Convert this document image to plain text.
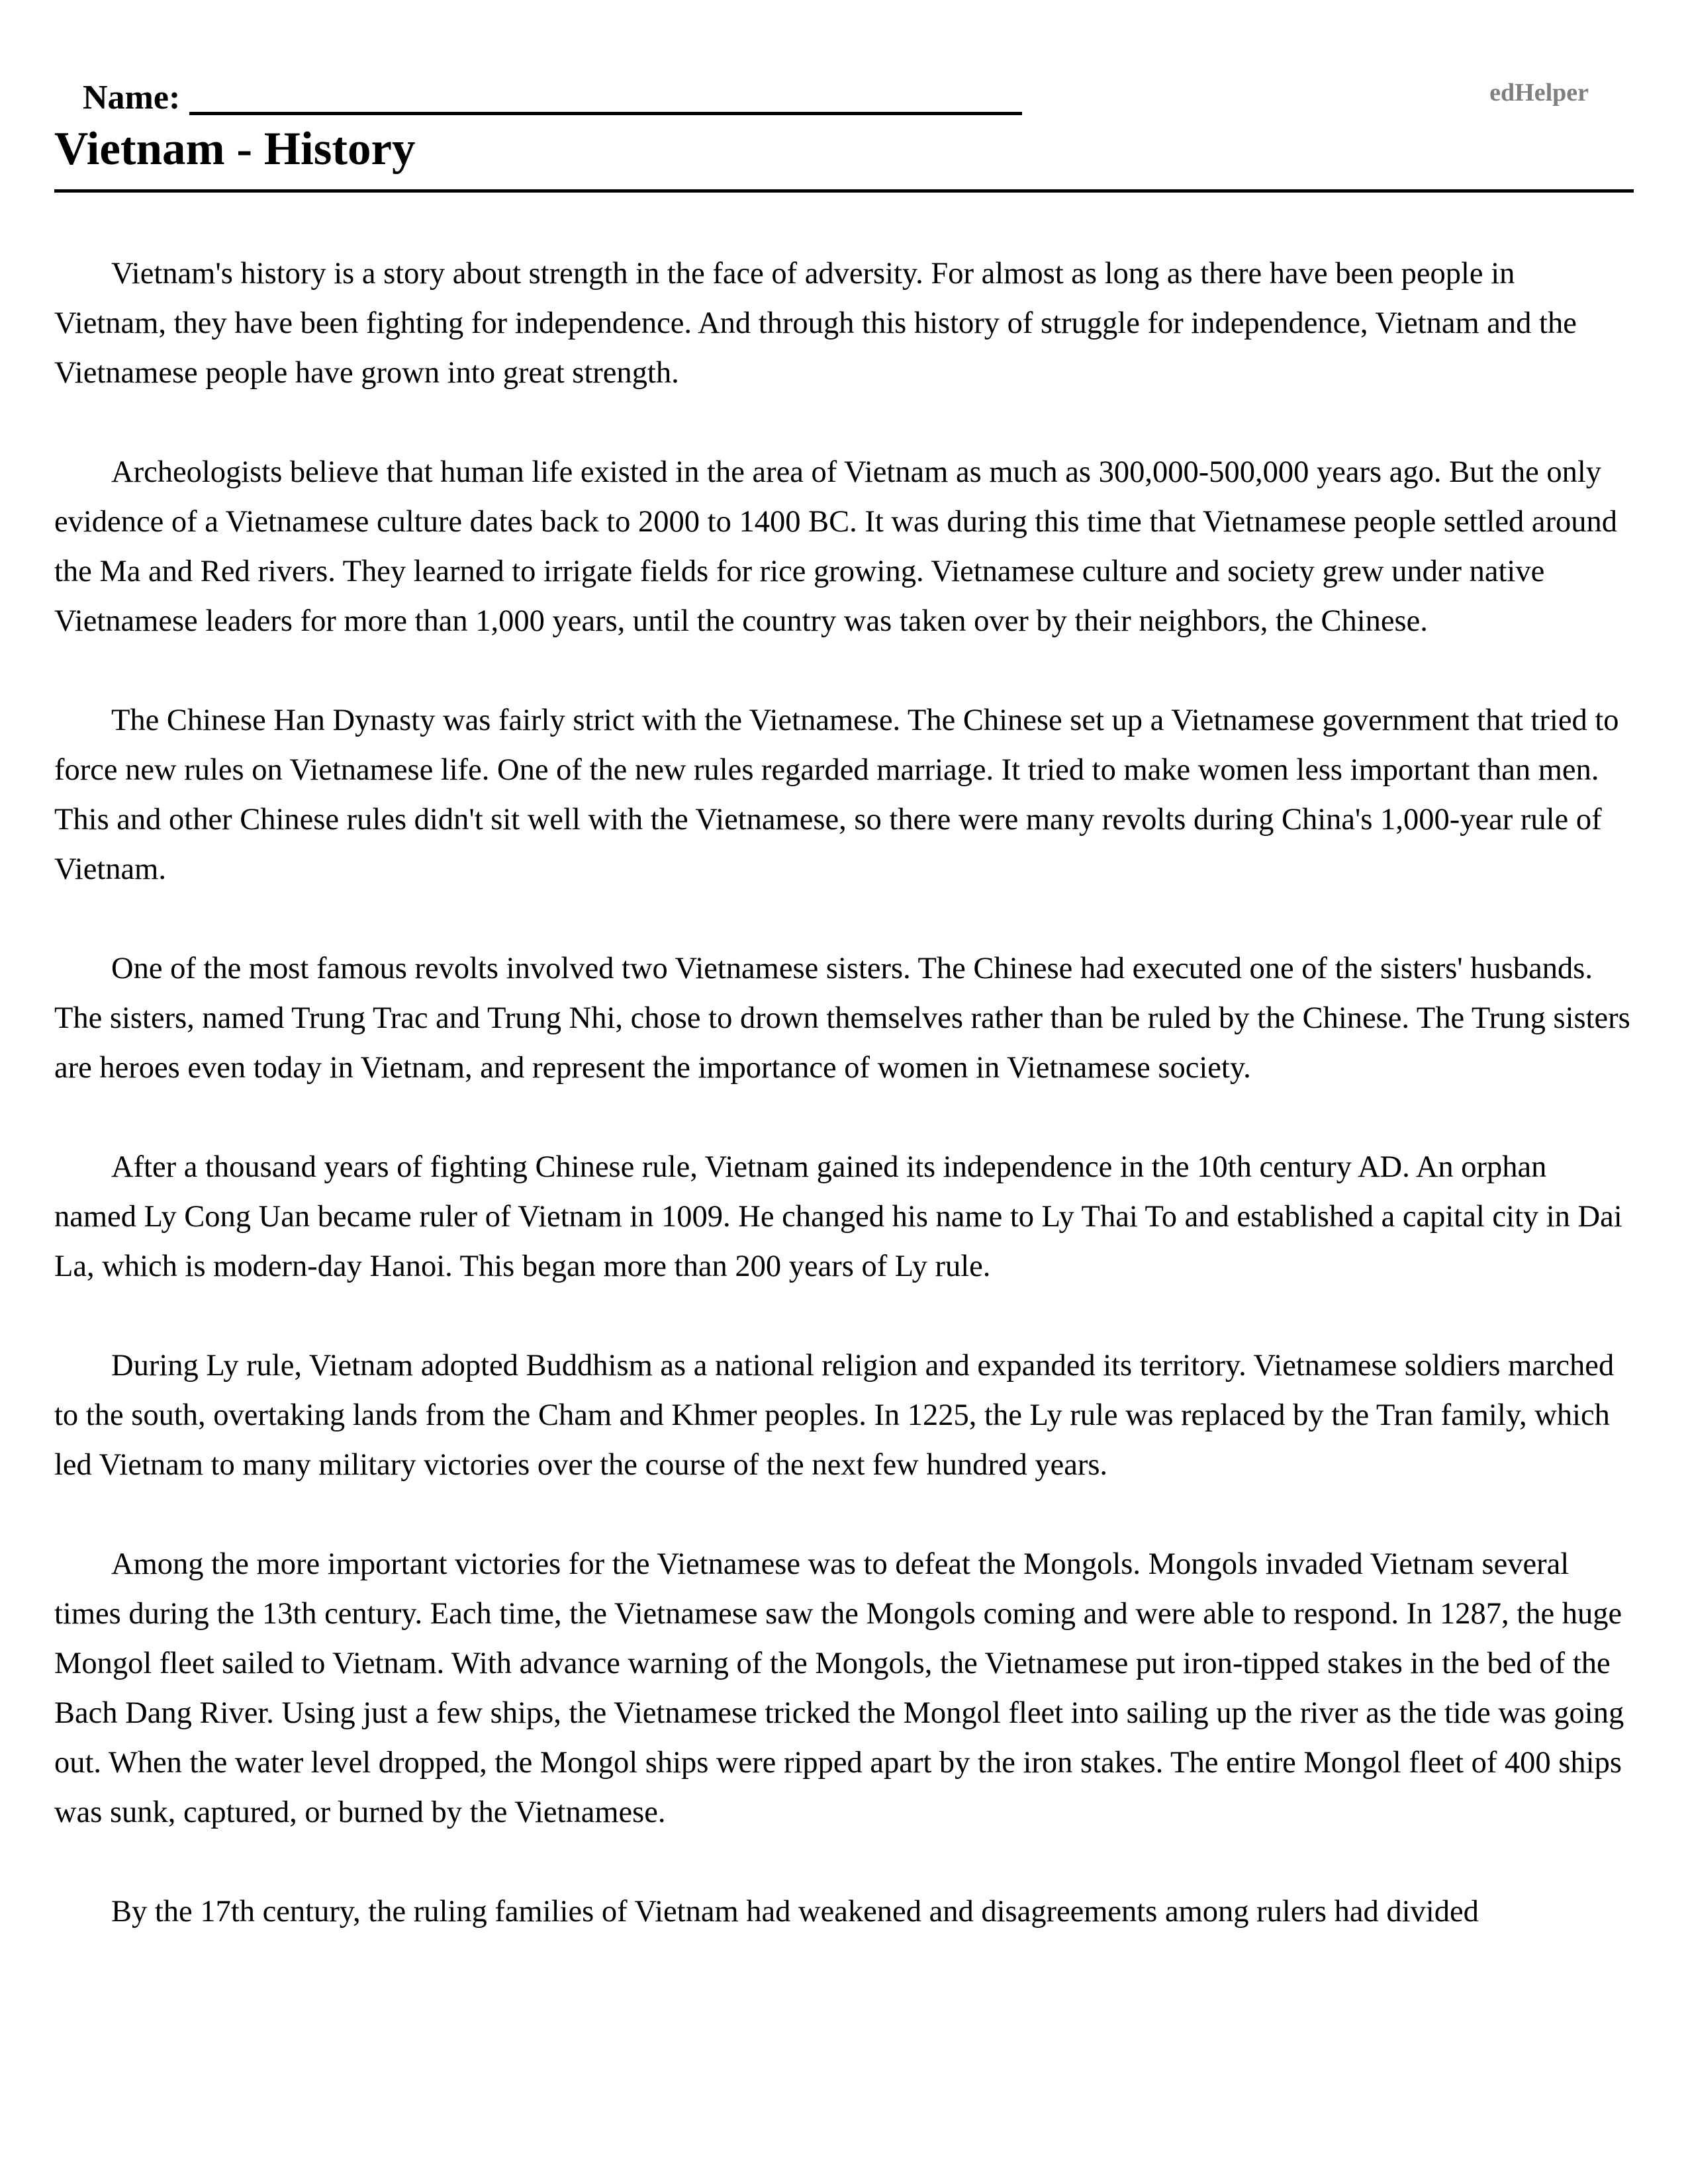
Name:	edHelper
Vietnam - History

Vietnam's history is a story about strength in the face of adversity. For almost as long as there have been people in Vietnam, they have been fighting for independence. And through this history of struggle for independence, Vietnam and the Vietnamese people have grown into great strength.

Archeologists believe that human life existed in the area of Vietnam as much as 300,000-500,000 years ago. But the only evidence of a Vietnamese culture dates back to 2000 to 1400 BC. It was during this time that Vietnamese people settled around the Ma and Red rivers. They learned to irrigate fields for rice growing. Vietnamese culture and society grew under native Vietnamese leaders for more than 1,000 years, until the country was taken over by their neighbors, the Chinese.

The Chinese Han Dynasty was fairly strict with the Vietnamese. The Chinese set up a Vietnamese government that tried to force new rules on Vietnamese life. One of the new rules regarded marriage. It tried to make women less important than men. This and other Chinese rules didn't sit well with the Vietnamese, so there were many revolts during China's 1,000-year rule of Vietnam.

One of the most famous revolts involved two Vietnamese sisters. The Chinese had executed one of the sisters' husbands. The sisters, named Trung Trac and Trung Nhi, chose to drown themselves rather than be ruled by the Chinese. The Trung sisters are heroes even today in Vietnam, and represent the importance of women in Vietnamese society.

After a thousand years of fighting Chinese rule, Vietnam gained its independence in the 10th century AD. An orphan named Ly Cong Uan became ruler of Vietnam in 1009. He changed his name to Ly Thai To and established a capital city in Dai La, which is modern-day Hanoi. This began more than 200 years of Ly rule.

During Ly rule, Vietnam adopted Buddhism as a national religion and expanded its territory. Vietnamese soldiers marched to the south, overtaking lands from the Cham and Khmer peoples. In 1225, the Ly rule was replaced by the Tran family, which led Vietnam to many military victories over the course of the next few hundred years.

Among the more important victories for the Vietnamese was to defeat the Mongols. Mongols invaded Vietnam several times during the 13th century. Each time, the Vietnamese saw the Mongols coming and were able to respond. In 1287, the huge Mongol fleet sailed to Vietnam. With advance warning of the Mongols, the Vietnamese put iron-tipped stakes in the bed of the Bach Dang River. Using just a few ships, the Vietnamese tricked the Mongol fleet into sailing up the river as the tide was going out. When the water level dropped, the Mongol ships were ripped apart by the iron stakes. The entire Mongol fleet of 400 ships was sunk, captured, or burned by the Vietnamese.

By the 17th century, the ruling families of Vietnam had weakened and disagreements among rulers had divided
